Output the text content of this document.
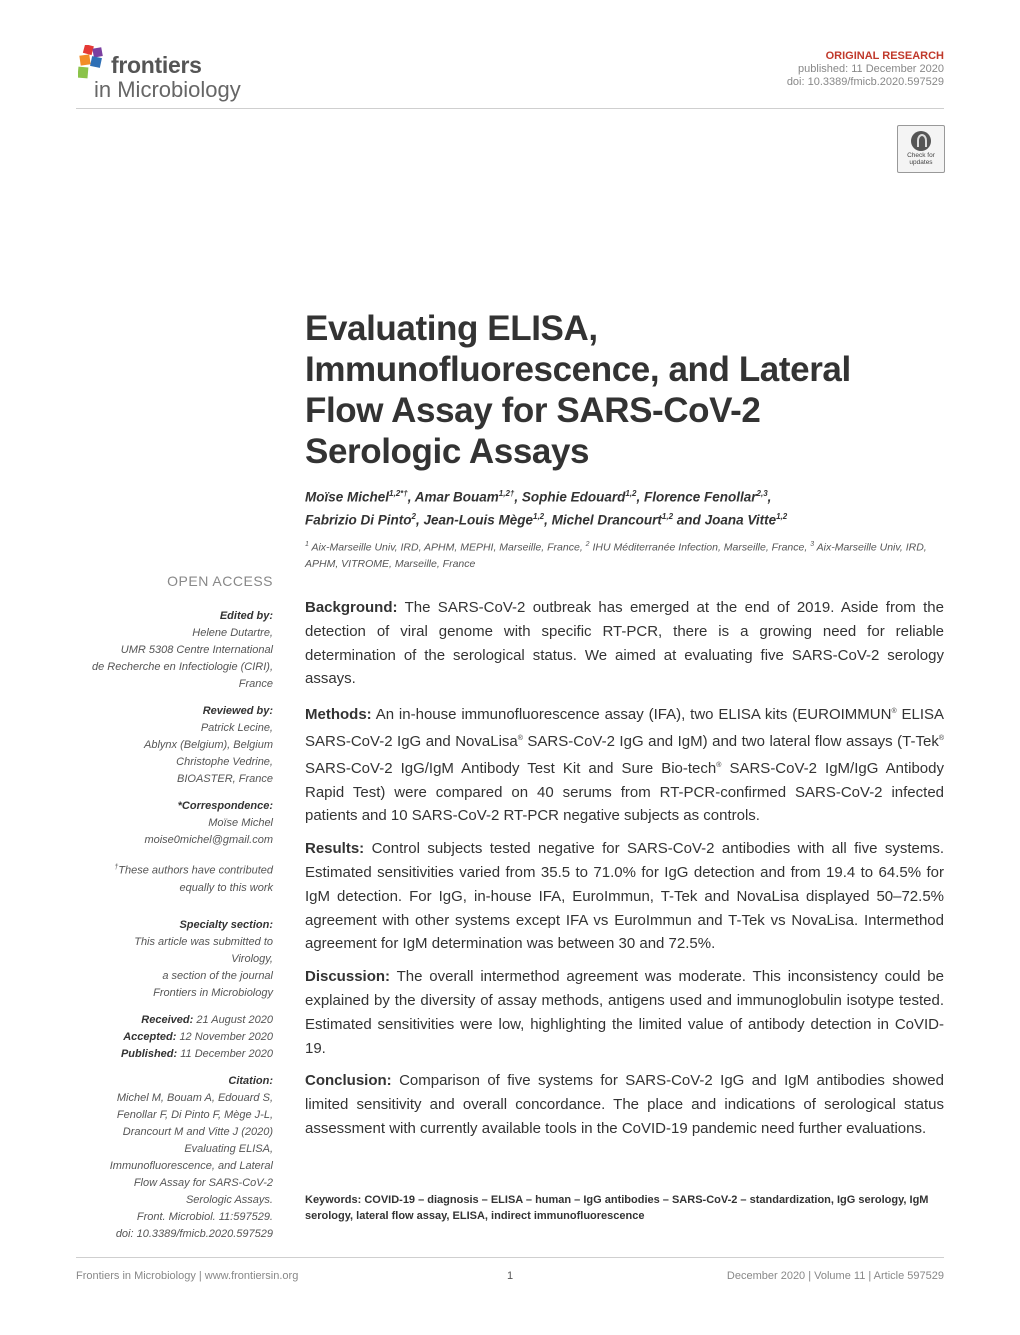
frontiers
in Microbiology
ORIGINAL RESEARCH
published: 11 December 2020
doi: 10.3389/fmicb.2020.597529
Check for
updates
Evaluating ELISA, Immunofluorescence, and Lateral Flow Assay for SARS-CoV-2 Serologic Assays
Moïse Michel$^{1,2*\dagger}$, Amar Bouam$^{1,2\dagger}$, Sophie Edouard$^{1,2}$, Florence Fenollar$^{2,3}$,
Fabrizio Di Pinto$^2$, Jean-Louis Mège$^{1,2}$, Michel Drancourt$^{1,2}$ and Joana Vitte$^{1,2}$
$^1$ Aix-Marseille Univ, IRD, APHM, MEPHI, Marseille, France, $^2$ IHU Méditerranée Infection, Marseille, France, $^3$ Aix-Marseille Univ, IRD, APHM, VITROME, Marseille, France
OPEN ACCESS
Edited by:
Helene Dutartre,
UMR 5308 Centre International
de Recherche en Infectiologie (CIRI),
France
Reviewed by:
Patrick Lecine,
Ablynx (Belgium), Belgium
Christophe Vedrine,
BIOASTER, France
*Correspondence:
Moïse Michel
moise0michel@gmail.com
†These authors have contributed
equally to this work
Specialty section:
This article was submitted to
Virology,
a section of the journal
Frontiers in Microbiology
Received: 21 August 2020
Accepted: 12 November 2020
Published: 11 December 2020
Citation:
Michel M, Bouam A, Edouard S,
Fenollar F, Di Pinto F, Mège J-L,
Drancourt M and Vitte J (2020)
Evaluating ELISA,
Immunofluorescence, and Lateral
Flow Assay for SARS-CoV-2
Serologic Assays.
Front. Microbiol. 11:597529.
doi: 10.3389/fmicb.2020.597529

Background: The SARS-CoV-2 outbreak has emerged at the end of 2019. Aside from the detection of viral genome with specific RT-PCR, there is a growing need for reliable determination of the serological status. We aimed at evaluating five SARS-CoV-2 serology assays.

Methods: An in-house immunofluorescence assay (IFA), two ELISA kits (EUROIMMUN® ELISA SARS-CoV-2 IgG and NovaLisa® SARS-CoV-2 IgG and IgM) and two lateral flow assays (T-Tek® SARS-CoV-2 IgG/IgM Antibody Test Kit and Sure Bio-tech® SARS-CoV-2 IgM/IgG Antibody Rapid Test) were compared on 40 serums from RT-PCR-confirmed SARS-CoV-2 infected patients and 10 SARS-CoV-2 RT-PCR negative subjects as controls.

Results: Control subjects tested negative for SARS-CoV-2 antibodies with all five systems. Estimated sensitivities varied from 35.5 to 71.0% for IgG detection and from 19.4 to 64.5% for IgM detection. For IgG, in-house IFA, EuroImmun, T-Tek and NovaLisa displayed 50–72.5% agreement with other systems except IFA vs EuroImmun and T-Tek vs NovaLisa. Intermethod agreement for IgM determination was between 30 and 72.5%.

Discussion: The overall intermethod agreement was moderate. This inconsistency could be explained by the diversity of assay methods, antigens used and immunoglobulin isotype tested. Estimated sensitivities were low, highlighting the limited value of antibody detection in CoVID-19.

Conclusion: Comparison of five systems for SARS-CoV-2 IgG and IgM antibodies showed limited sensitivity and overall concordance. The place and indications of serological status assessment with currently available tools in the CoVID-19 pandemic need further evaluations.

Keywords: COVID-19 – diagnosis – ELISA – human – IgG antibodies – SARS-CoV-2 – standardization, IgG serology, IgM serology, lateral flow assay, ELISA, indirect immunofluorescence
Frontiers in Microbiology | www.frontiersin.org	1	December 2020 | Volume 11 | Article 597529
